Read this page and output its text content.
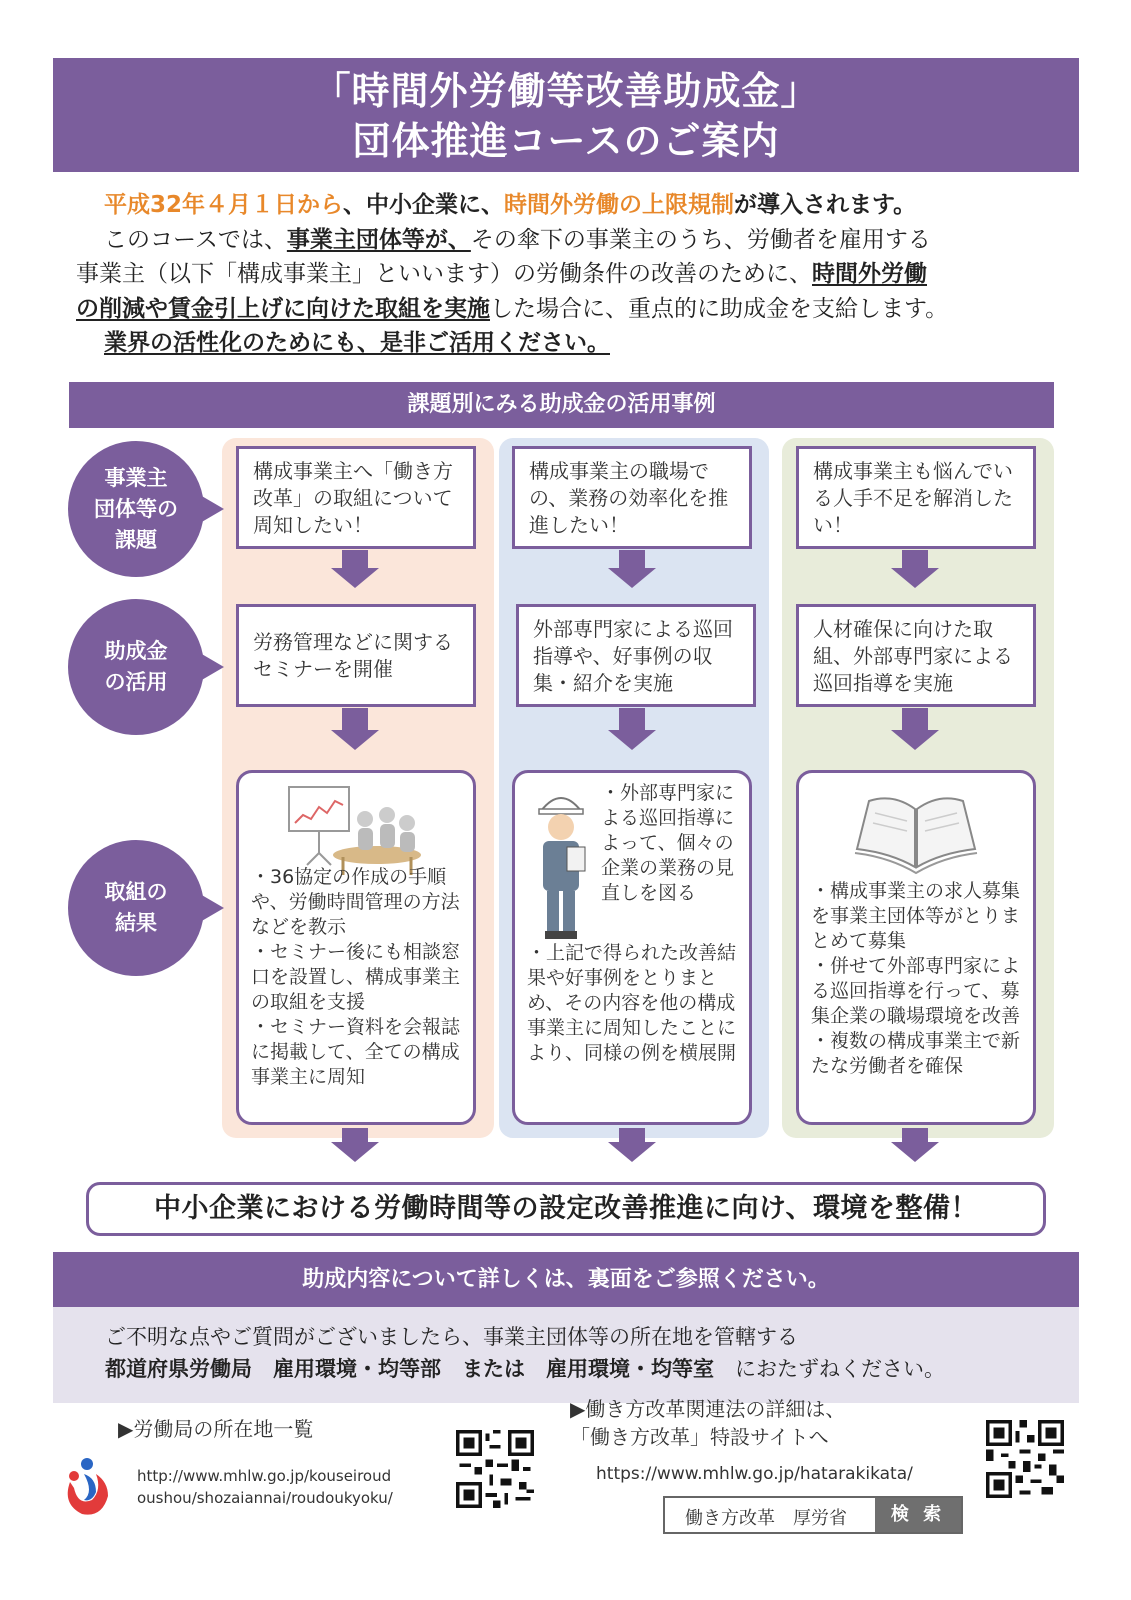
「時間外労働等改善助成金」
団体推進コースのご案内

平成32年４月１日から、中小企業に、時間外労働の上限規制が導入されます。

このコースでは、事業主団体等が、その傘下の事業主のうち、労働者を雇用する

事業主（以下「構成事業主」といいます）の労働条件の改善のために、時間外労働

の削減や賃金引上げに向けた取組を実施した場合に、重点的に助成金を支給します。

業界の活性化のためにも、是非ご活用ください。

課題別にみる助成金の活用事例
事業主
団体等の
課題
助成金
の活用
取組の
結果
構成事業主へ「働き方改革」の取組について周知したい！
構成事業主の職場での、業務の効率化を推進したい！
構成事業主も悩んでいる人手不足を解消したい！
労務管理などに関するセミナーを開催
外部専門家による巡回指導や、好事例の収集・紹介を実施
人材確保に向けた取組、外部専門家による巡回指導を実施
・36協定の作成の手順や、労働時間管理の方法などを教示
・セミナー後にも相談窓口を設置し、構成事業主の取組を支援
・セミナー資料を会報誌に掲載して、全ての構成事業主に周知
・外部専門家による巡回指導によって、個々の企業の業務の見直しを図る
・上記で得られた改善結果や好事例をとりまとめ、その内容を他の構成事業主に周知したことにより、同様の例を横展開
・構成事業主の求人募集を事業主団体等がとりまとめて募集
・併せて外部専門家による巡回指導を行って、募集企業の職場環境を改善
・複数の構成事業主で新たな労働者を確保
中小企業における労働時間等の設定改善推進に向け、環境を整備！
助成内容について詳しくは、裏面をご参照ください。

ご不明な点やご質問がございましたら、事業主団体等の所在地を管轄する

都道府県労働局　雇用環境・均等部　または　雇用環境・均等室　におたずねください。

▶労働局の所在地一覧
http://www.mhlw.go.jp/kouseiroud
oushou/shozaiannai/roudoukyoku/
▶働き方改革関連法の詳細は、
「働き方改革」特設サイトへ
https://www.mhlw.go.jp/hatarakikata/
働き方改革　厚労省	検 索
